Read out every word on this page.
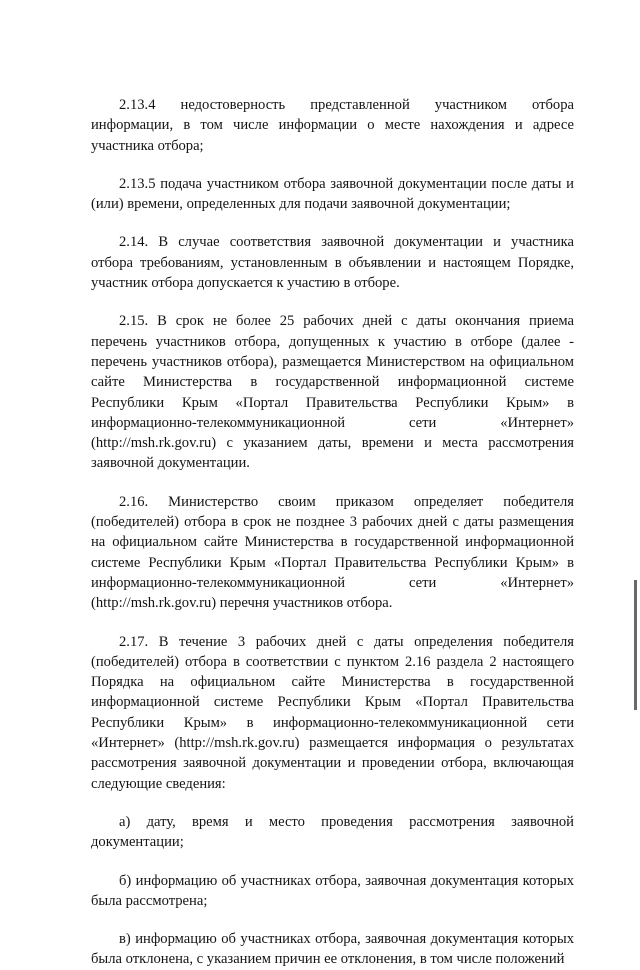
2.13.4 недостоверность представленной участником отбора информации, в том числе информации о месте нахождения и адресе участника отбора;

2.13.5 подача участником отбора заявочной документации после даты и (или) времени, определенных для подачи заявочной документации;

2.14. В случае соответствия заявочной документации и участника отбора требованиям, установленным в объявлении и настоящем Порядке, участник отбора допускается к участию в отборе.

2.15. В срок не более 25 рабочих дней с даты окончания приема перечень участников отбора, допущенных к участию в отборе (далее - перечень участников отбора), размещается Министерством на официальном сайте Министерства в государственной информационной системе Республики Крым «Портал Правительства Республики Крым» в информационно-телекоммуникационной сети «Интернет» (http://msh.rk.gov.ru) с указанием даты, времени и места рассмотрения заявочной документации.

2.16. Министерство своим приказом определяет победителя (победителей) отбора в срок не позднее 3 рабочих дней с даты размещения на официальном сайте Министерства в государственной информационной системе Республики Крым «Портал Правительства Республики Крым» в информационно-телекоммуникационной сети «Интернет» (http://msh.rk.gov.ru) перечня участников отбора.

2.17. В течение 3 рабочих дней с даты определения победителя (победителей) отбора в соответствии с пунктом 2.16 раздела 2 настоящего Порядка на официальном сайте Министерства в государственной информационной системе Республики Крым «Портал Правительства Республики Крым» в информационно-телекоммуникационной сети «Интернет» (http://msh.rk.gov.ru) размещается информация о результатах рассмотрения заявочной документации и проведении отбора, включающая следующие сведения:

а) дату, время и место проведения рассмотрения заявочной документации;

б) информацию об участниках отбора, заявочная документация которых была рассмотрена;

в) информацию об участниках отбора, заявочная документация которых была отклонена, с указанием причин ее отклонения, в том числе положений
